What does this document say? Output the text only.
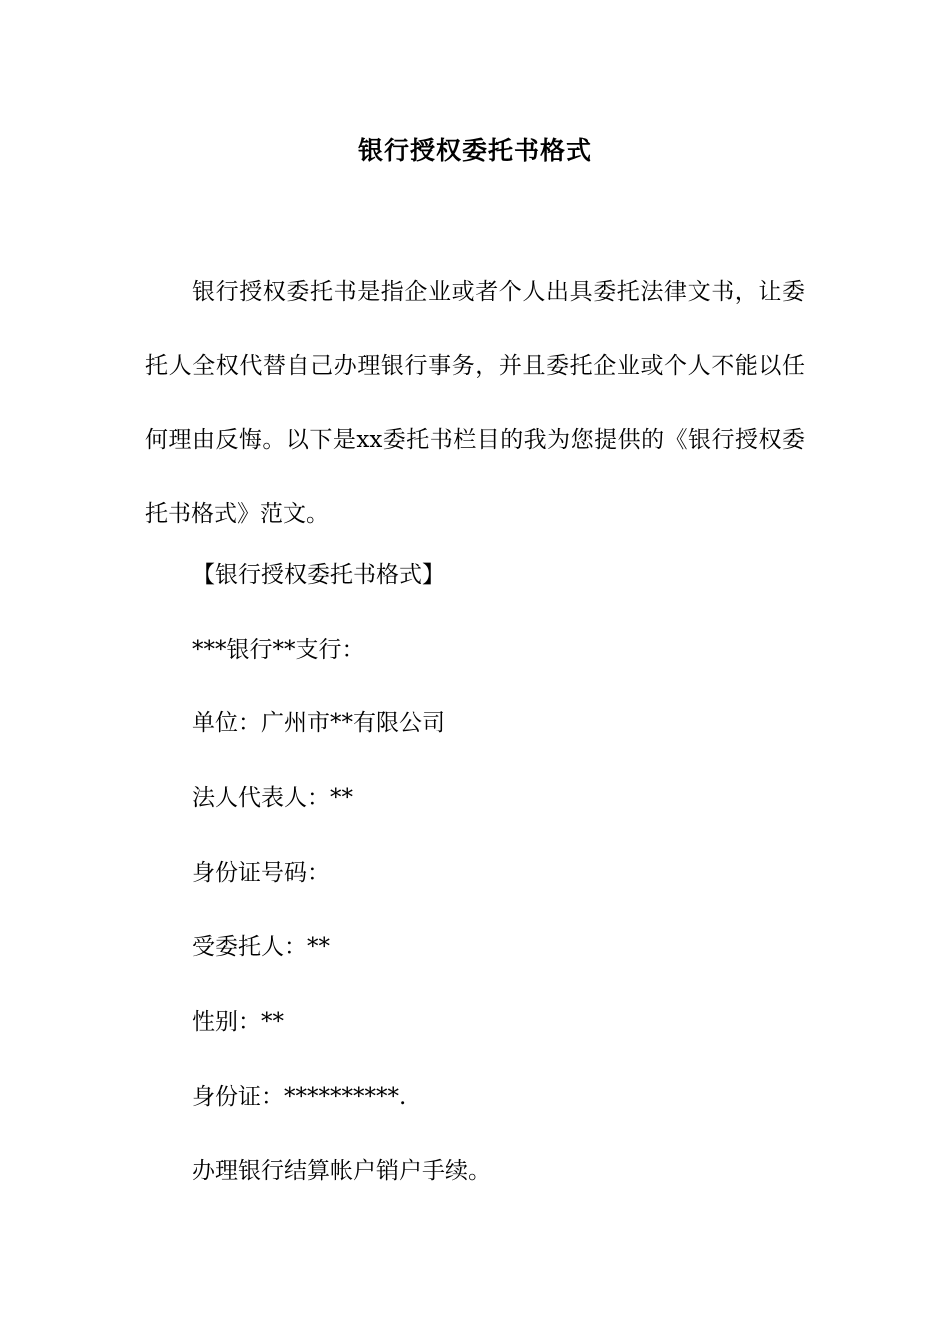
银行授权委托书格式

银行授权委托书是指企业或者个人出具委托法律文书，让委托人全权代替自己办理银行事务，并且委托企业或个人不能以任何理由反悔。以下是xx委托书栏目的我为您提供的《银行授权委托书格式》范文。

【银行授权委托书格式】

***银行**支行：

单位：广州市**有限公司

法人代表人：**

身份证号码：

受委托人：**

性别：**

身份证：**********.

办理银行结算帐户销户手续。
